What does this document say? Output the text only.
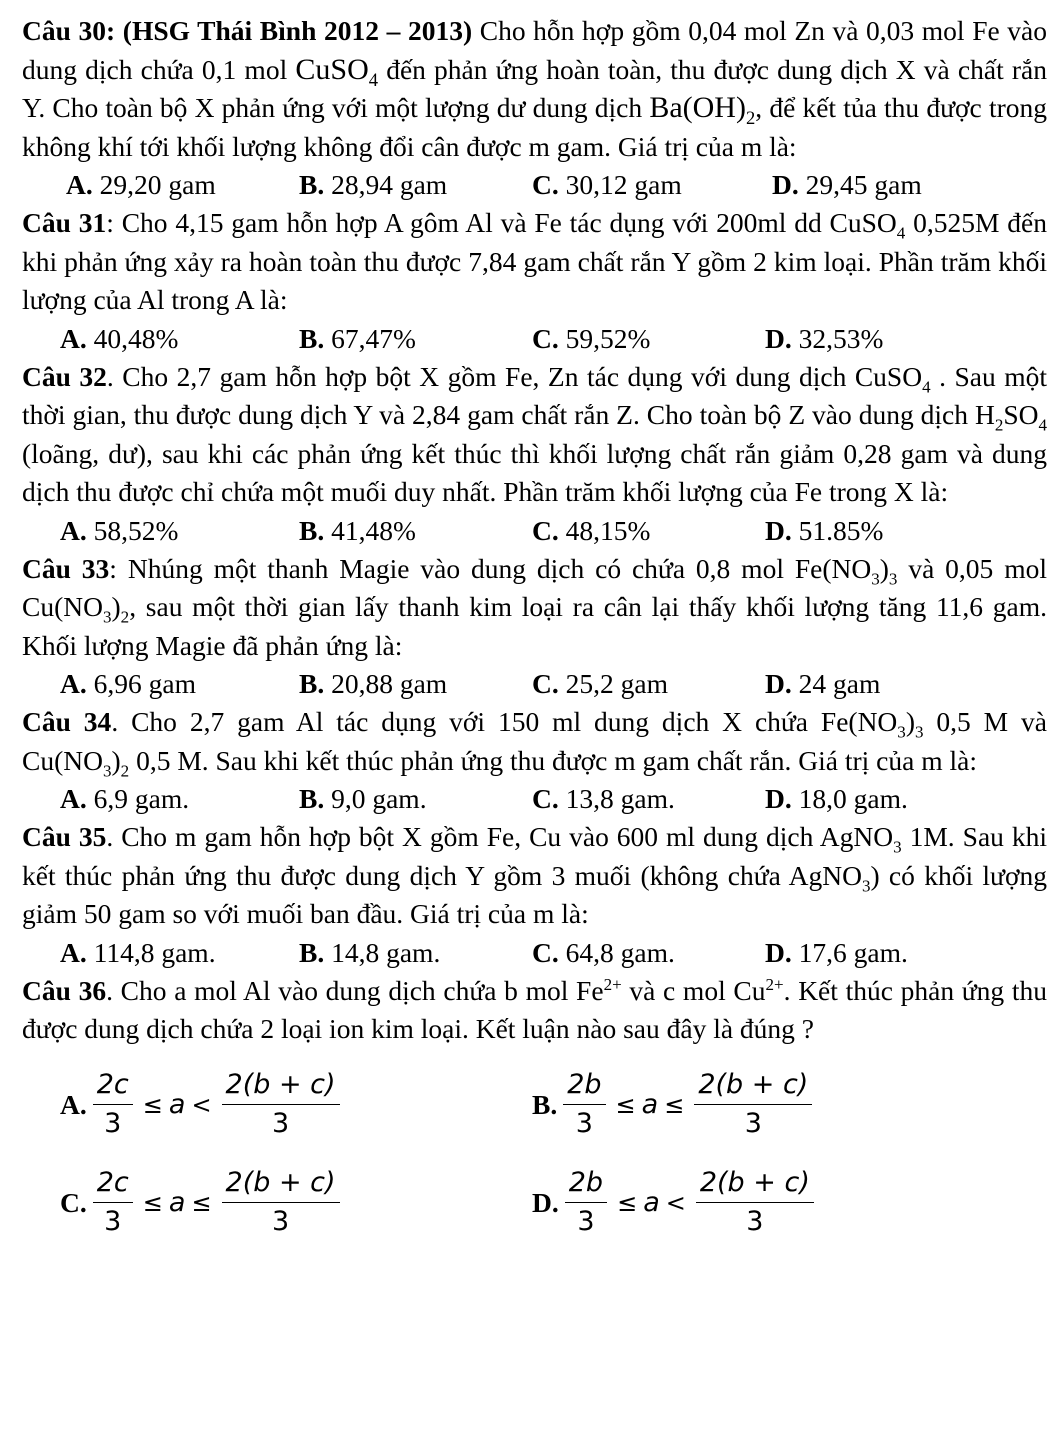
Câu 30: (HSG Thái Bình 2012 – 2013) Cho hỗn hợp gồm 0,04 mol Zn và 0,03 mol Fe vào dung dịch chứa 0,1 mol CuSO$_4$ đến phản ứng hoàn toàn, thu được dung dịch X và chất rắn Y. Cho toàn bộ X phản ứng với một lượng dư dung dịch $Ba(OH)_2$, để kết tủa thu được trong không khí tới khối lượng không đổi cân được m gam. Giá trị của m là:
A. 29,20 gam	B. 28,94 gam	C. 30,12 gam	D. 29,45 gam
Câu 31: Cho 4,15 gam hỗn hợp A gôm Al và Fe tác dụng với 200ml dd CuSO$_4$ 0,525M đến khi phản ứng xảy ra hoàn toàn thu được 7,84 gam chất rắn Y gồm 2 kim loại. Phần trăm khối lượng của Al trong A là:
A. 40,48%	B. 67,47%	C. 59,52%	D. 32,53%
Câu 32. Cho 2,7 gam hỗn hợp bột X gồm Fe, Zn tác dụng với dung dịch CuSO$_4$ . Sau một thời gian, thu được dung dịch Y và 2,84 gam chất rắn Z. Cho toàn bộ Z vào dung dịch $H_2SO_4$ (loãng, dư), sau khi các phản ứng kết thúc thì khối lượng chất rắn giảm 0,28 gam và dung dịch thu được chỉ chứa một muối duy nhất. Phần trăm khối lượng của Fe trong X là:
A. 58,52%	B. 41,48%	C. 48,15%	D. 51.85%
Câu 33: Nhúng một thanh Magie vào dung dịch có chứa 0,8 mol $Fe(NO_3)_3$ và 0,05 mol $Cu(NO_3)_2$, sau một thời gian lấy thanh kim loại ra cân lại thấy khối lượng tăng 11,6 gam. Khối lượng Magie đã phản ứng là:
A. 6,96 gam	B. 20,88 gam	C. 25,2 gam	D. 24 gam
Câu 34. Cho 2,7 gam Al tác dụng với 150 ml dung dịch X chứa $Fe(NO_3)_3$ 0,5 M và $Cu(NO_3)_2$ 0,5 M. Sau khi kết thúc phản ứng thu được m gam chất rắn. Giá trị của m là:
A. 6,9 gam.	B. 9,0 gam.	C. 13,8 gam.	D. 18,0 gam.
Câu 35. Cho m gam hỗn hợp bột X gồm Fe, Cu vào 600 ml dung dịch AgNO$_3$ 1M. Sau khi kết thúc phản ứng thu được dung dịch Y gồm 3 muối (không chứa AgNO$_3$) có khối lượng giảm 50 gam so với muối ban đầu. Giá trị của m là:
A. 114,8 gam.	B. 14,8 gam.	C. 64,8 gam.	D. 17,6 gam.
Câu 36. Cho a mol Al vào dung dịch chứa b mol $Fe^{2+}$ và c mol $Cu^{2+}$. Kết thúc phản ứng thu được dung dịch chứa 2 loại ion kim loại. Kết luận nào sau đây là đúng ?
A. $\frac{2c}{3} \le a < \frac{2(b + c)}{3}$	B. $\frac{2b}{3} \le a \le \frac{2(b + c)}{3}$
C. $\frac{2c}{3} \le a \le \frac{2(b + c)}{3}$	D. $\frac{2b}{3} \le a < \frac{2(b + c)}{3}$
